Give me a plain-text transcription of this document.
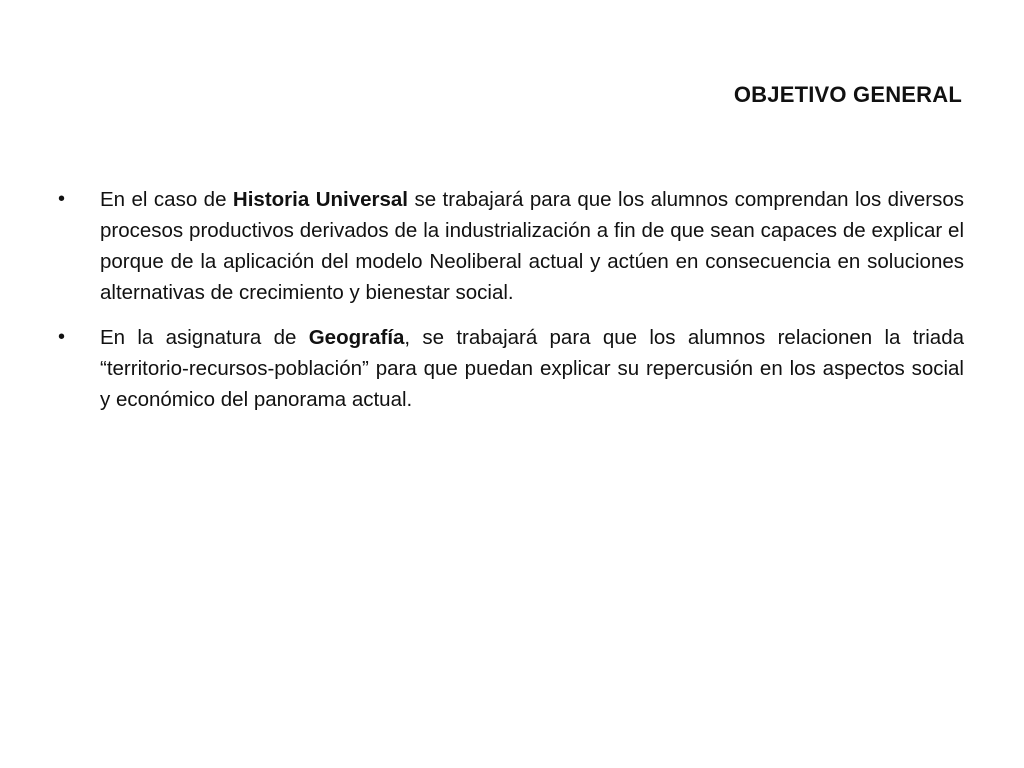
OBJETIVO GENERAL
•	En el caso de Historia Universal se trabajará para que los alumnos comprendan los diversos procesos productivos derivados de la industrialización a fin de que sean capaces de explicar el porque de la aplicación del modelo Neoliberal actual y actúen en consecuencia en soluciones alternativas de crecimiento y bienestar social.
•	En la asignatura de Geografía, se trabajará para que los alumnos relacionen la triada “territorio-recursos-población” para que puedan explicar su repercusión en los aspectos social y económico del panorama actual.
